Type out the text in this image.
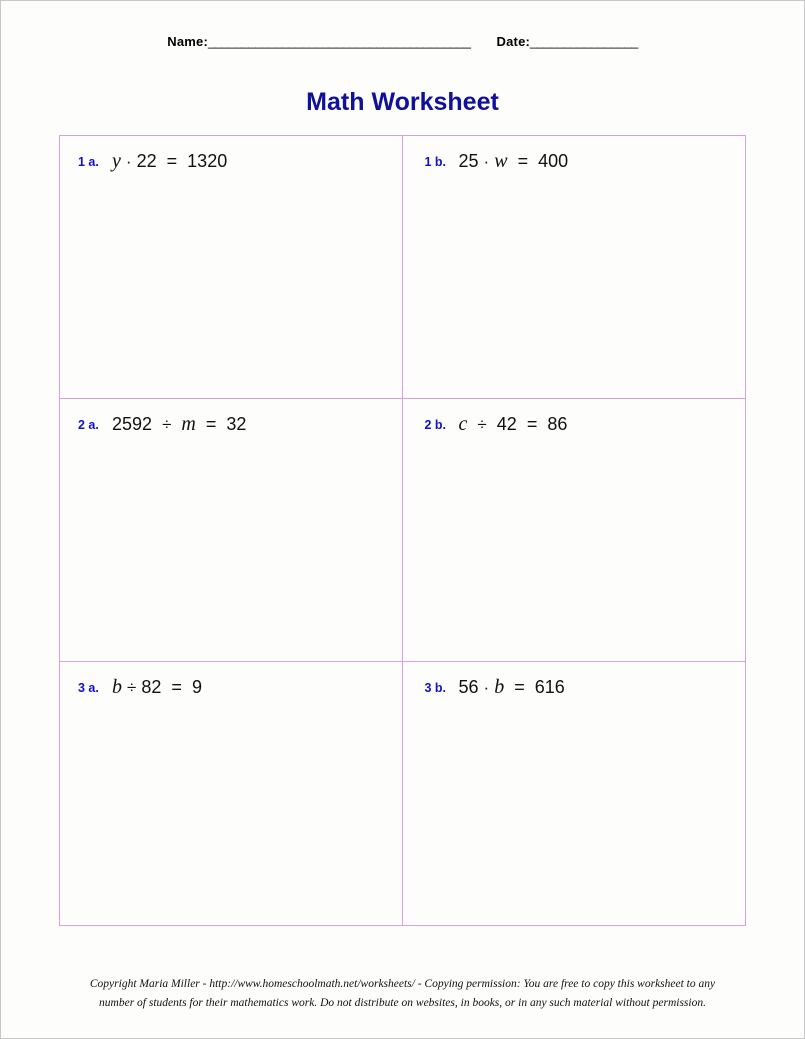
Name:_______________________________________ Date:________________
Math Worksheet
1 a. y · 22 = 1320	1 b. 25 · w = 400
2 a. 2592 ÷ m = 32	2 b. c ÷ 42 = 86
3 a. b ÷ 82 = 9	3 b. 56 · b = 616
Copyright Maria Miller - http://www.homeschoolmath.net/worksheets/ - Copying permission: You are free to copy this worksheet to any
number of students for their mathematics work. Do not distribute on websites, in books, or in any such material without permission.
